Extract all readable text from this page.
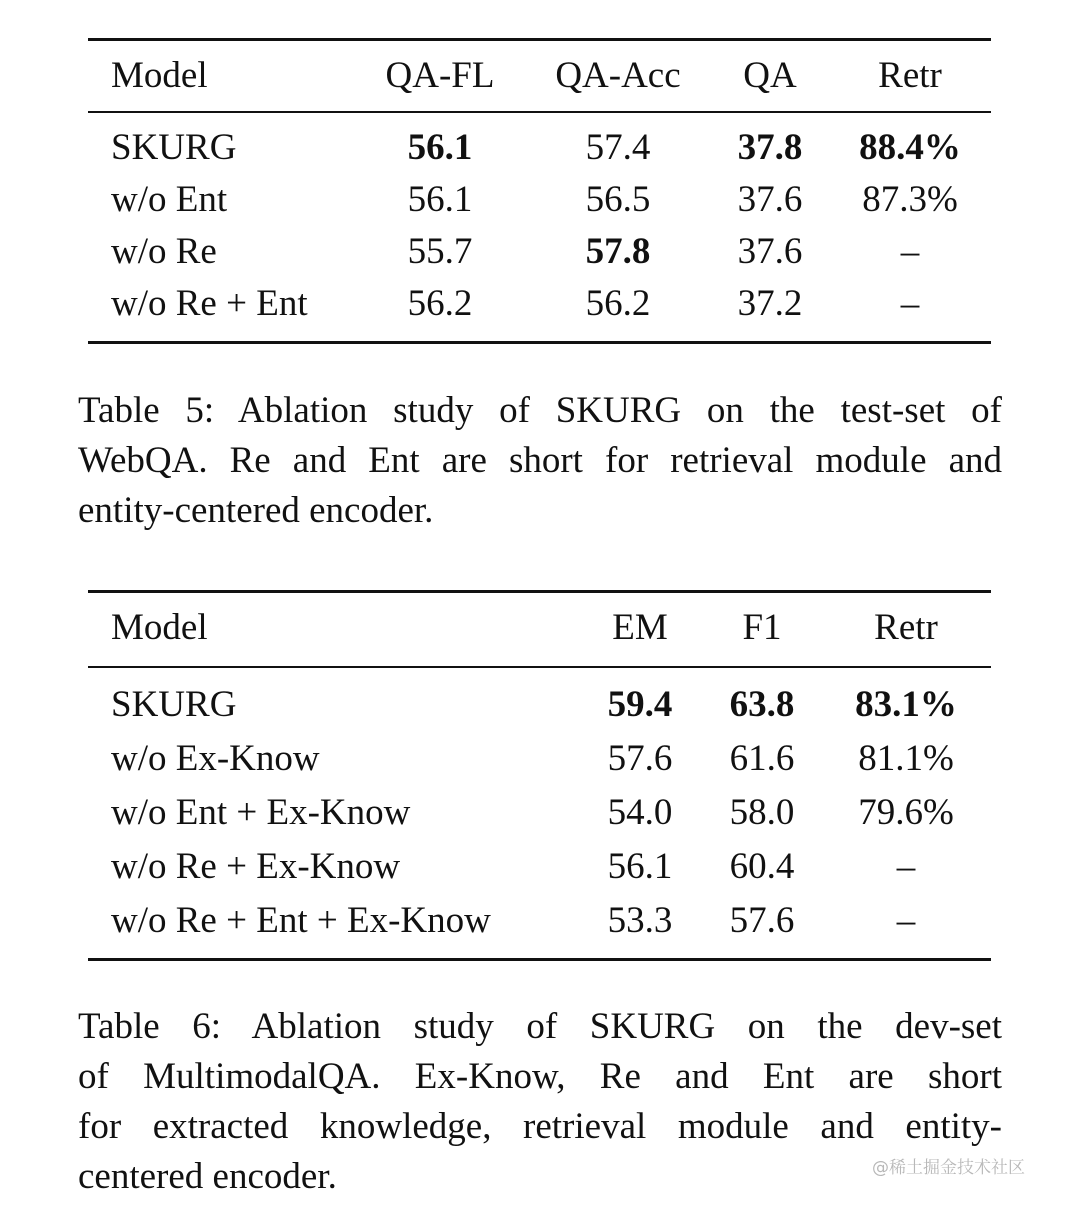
Model	QA-FL	QA-Acc	QA	Retr
SKURG	56.1	57.4	37.8	88.4%
w/o Ent	56.1	56.5	37.6	87.3%
w/o Re	55.7	57.8	37.6	–
w/o Re + Ent	56.2	56.2	37.2	–
Table 5: Ablation study of SKURG on the test-set of
WebQA. Re and Ent are short for retrieval module and
entity-centered encoder.
Model	EM	F1	Retr
SKURG	59.4	63.8	83.1%
w/o Ex-Know	57.6	61.6	81.1%
w/o Ent + Ex-Know	54.0	58.0	79.6%
w/o Re + Ex-Know	56.1	60.4	–
w/o Re + Ent + Ex-Know	53.3	57.6	–
Table 6: Ablation study of SKURG on the dev-set
of MultimodalQA. Ex-Know, Re and Ent are short
for extracted knowledge, retrieval module and entity-
centered encoder.	@稀土掘金技术社区
